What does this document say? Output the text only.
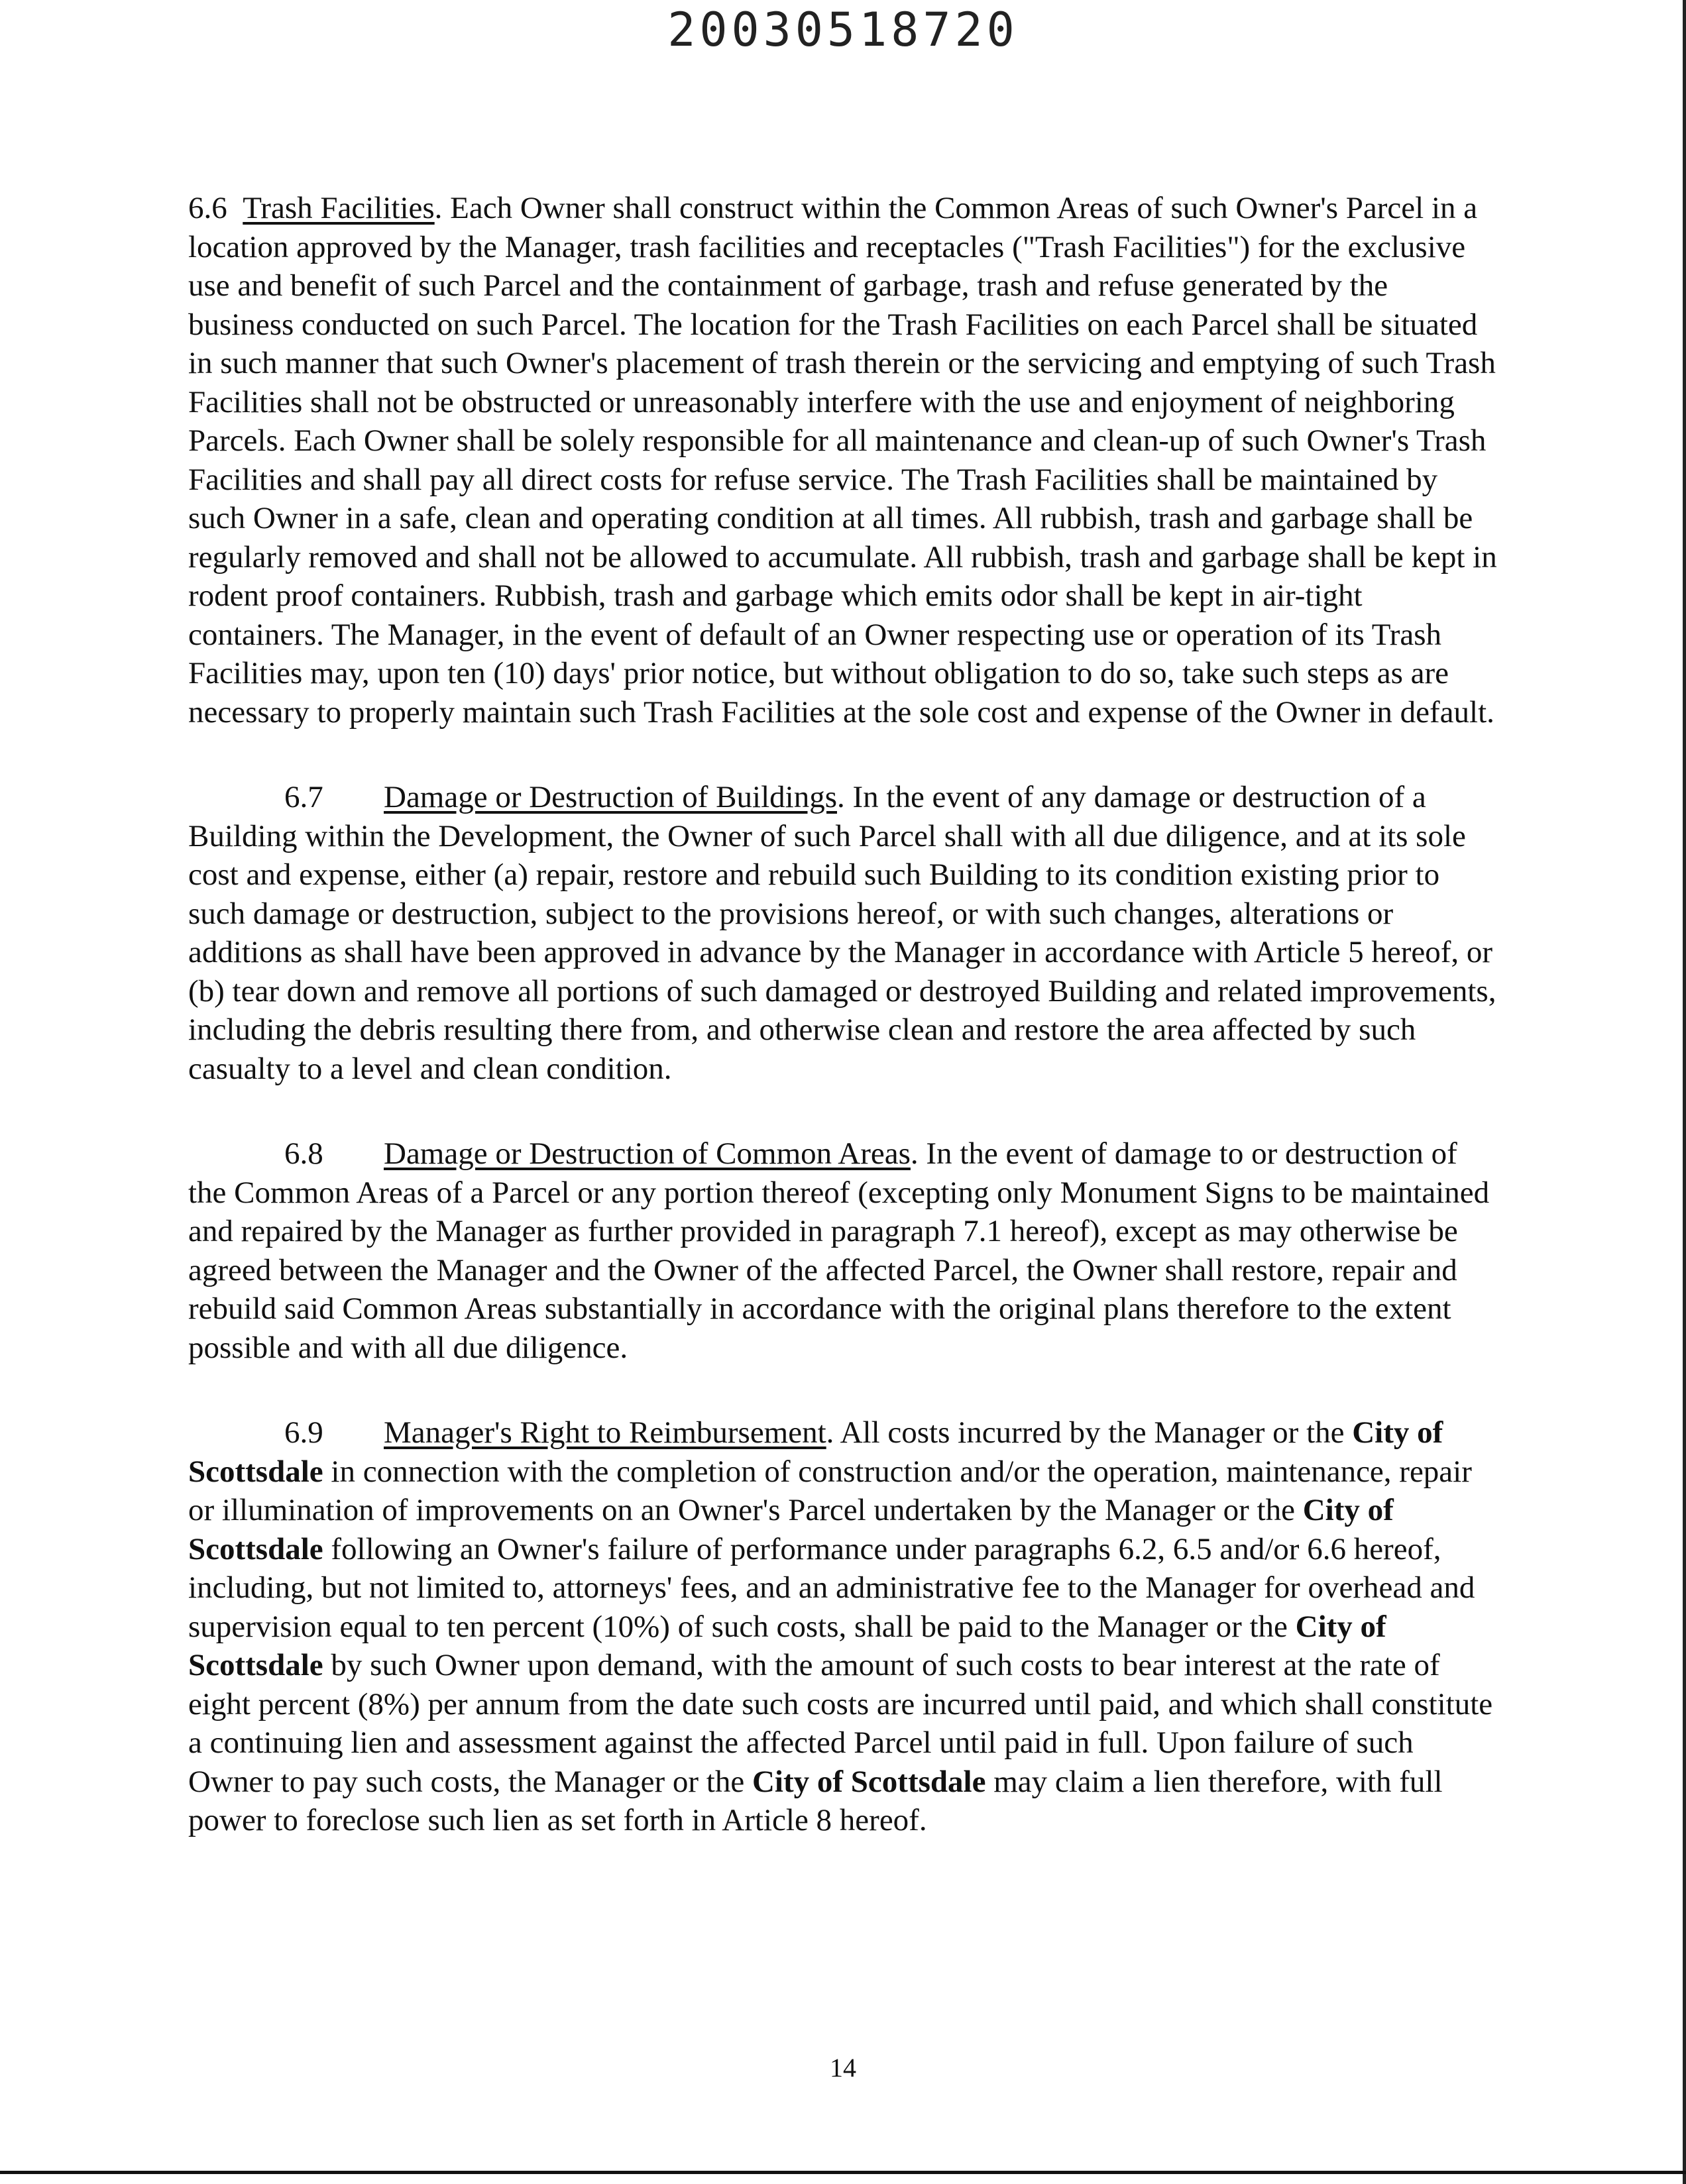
20030518720

6.6 Trash Facilities. Each Owner shall construct within the Common Areas of such Owner's Parcel in a location approved by the Manager, trash facilities and receptacles ("Trash Facilities") for the exclusive use and benefit of such Parcel and the containment of garbage, trash and refuse generated by the business conducted on such Parcel. The location for the Trash Facilities on each Parcel shall be situated in such manner that such Owner's placement of trash therein or the servicing and emptying of such Trash Facilities shall not be obstructed or unreasonably interfere with the use and enjoyment of neighboring Parcels. Each Owner shall be solely responsible for all maintenance and clean-up of such Owner's Trash Facilities and shall pay all direct costs for refuse service. The Trash Facilities shall be maintained by such Owner in a safe, clean and operating condition at all times. All rubbish, trash and garbage shall be regularly removed and shall not be allowed to accumulate. All rubbish, trash and garbage shall be kept in rodent proof containers. Rubbish, trash and garbage which emits odor shall be kept in air-tight containers. The Manager, in the event of default of an Owner respecting use or operation of its Trash Facilities may, upon ten (10) days' prior notice, but without obligation to do so, take such steps as are necessary to properly maintain such Trash Facilities at the sole cost and expense of the Owner in default.

6.7 Damage or Destruction of Buildings. In the event of any damage or destruction of a Building within the Development, the Owner of such Parcel shall with all due diligence, and at its sole cost and expense, either (a) repair, restore and rebuild such Building to its condition existing prior to such damage or destruction, subject to the provisions hereof, or with such changes, alterations or additions as shall have been approved in advance by the Manager in accordance with Article 5 hereof, or (b) tear down and remove all portions of such damaged or destroyed Building and related improvements, including the debris resulting there from, and otherwise clean and restore the area affected by such casualty to a level and clean condition.

6.8 Damage or Destruction of Common Areas. In the event of damage to or destruction of the Common Areas of a Parcel or any portion thereof (excepting only Monument Signs to be maintained and repaired by the Manager as further provided in paragraph 7.1 hereof), except as may otherwise be agreed between the Manager and the Owner of the affected Parcel, the Owner shall restore, repair and rebuild said Common Areas substantially in accordance with the original plans therefore to the extent possible and with all due diligence.

6.9 Manager's Right to Reimbursement. All costs incurred by the Manager or the City of Scottsdale in connection with the completion of construction and/or the operation, maintenance, repair or illumination of improvements on an Owner's Parcel undertaken by the Manager or the City of Scottsdale following an Owner's failure of performance under paragraphs 6.2, 6.5 and/or 6.6 hereof, including, but not limited to, attorneys' fees, and an administrative fee to the Manager for overhead and supervision equal to ten percent (10%) of such costs, shall be paid to the Manager or the City of Scottsdale by such Owner upon demand, with the amount of such costs to bear interest at the rate of eight percent (8%) per annum from the date such costs are incurred until paid, and which shall constitute a continuing lien and assessment against the affected Parcel until paid in full. Upon failure of such Owner to pay such costs, the Manager or the City of Scottsdale may claim a lien therefore, with full power to foreclose such lien as set forth in Article 8 hereof.

14
